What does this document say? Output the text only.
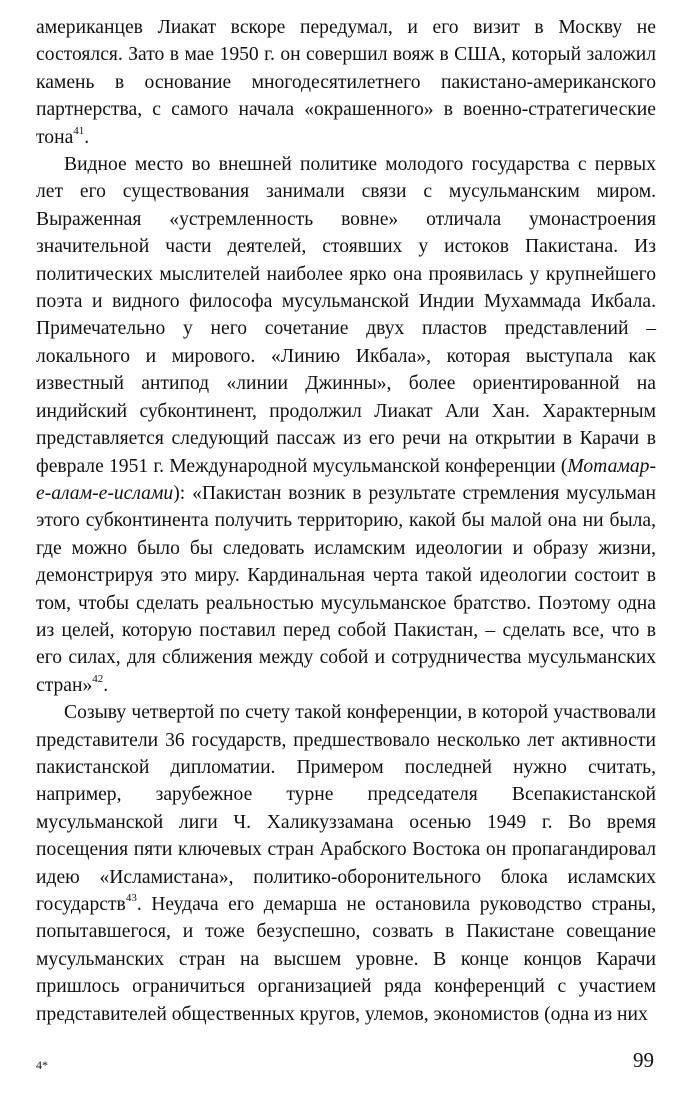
американцев Лиакат вскоре передумал, и его визит в Москву не состоялся. Зато в мае 1950 г. он совершил вояж в США, который заложил камень в основание многодесятилетнего пакистано-американского партнерства, с самого начала «окрашенного» в военно-стратегические тона$^{41}$.

Видное место во внешней политике молодого государства с первых лет его существования занимали связи с мусульманским миром. Выраженная «устремленность вовне» отличала умонастроения значительной части деятелей, стоявших у истоков Пакистана. Из политических мыслителей наиболее ярко она проявилась у крупнейшего поэта и видного философа мусульманской Индии Мухаммада Икбала. Примечательно у него сочетание двух пластов представлений – локального и мирового. «Линию Икбала», которая выступала как известный антипод «линии Джинны», более ориентированной на индийский субконтинент, продолжил Лиакат Али Хан. Характерным представляется следующий пассаж из его речи на открытии в Карачи в феврале 1951 г. Международной мусульманской конференции (Мотамар-е-алам-е-ислами): «Пакистан возник в результате стремления мусульман этого субконтинента получить территорию, какой бы малой она ни была, где можно было бы следовать исламским идеологии и образу жизни, демонстрируя это миру. Кардинальная черта такой идеологии состоит в том, чтобы сделать реальностью мусульманское братство. Поэтому одна из целей, которую поставил перед собой Пакистан, – сделать все, что в его силах, для сближения между собой и сотрудничества мусульманских стран»$^{42}$.

Созыву четвертой по счету такой конференции, в которой участвовали представители 36 государств, предшествовало несколько лет активности пакистанской дипломатии. Примером последней нужно считать, например, зарубежное турне председателя Всепакистанской мусульманской лиги Ч. Халикуззамана осенью 1949 г. Во время посещения пяти ключевых стран Арабского Востока он пропагандировал идею «Исламистана», политико-оборонительного блока исламских государств$^{43}$. Неудача его демарша не остановила руководство страны, попытавшегося, и тоже безуспешно, созвать в Пакистане совещание мусульманских стран на высшем уровне. В конце концов Карачи пришлось ограничиться организацией ряда конференций с участием представителей общественных кругов, улемов, экономистов (одна из них

4*	99
